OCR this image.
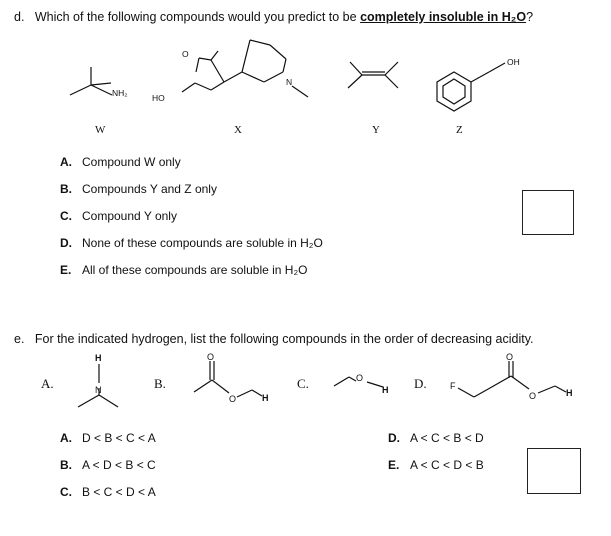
d. Which of the following compounds would you predict to be completely insoluble in H₂O?
NH₂	HO
O
N
OH
W	X	Y	Z
A. Compound W only
B. Compounds Y and Z only
C. Compound Y only
D. None of these compounds are soluble in H₂O
E. All of these compounds are soluble in H₂O
e. For the indicated hydrogen, list the following compounds in the order of decreasing acidity.
A.	B.	C.	D.
H
N
O
O	H
O
H	F
O
O	H
A. D < B < C < A
B. A < D < B < C
C. B < C < D < A
D. A < C < B < D
E. A < C < D < B
